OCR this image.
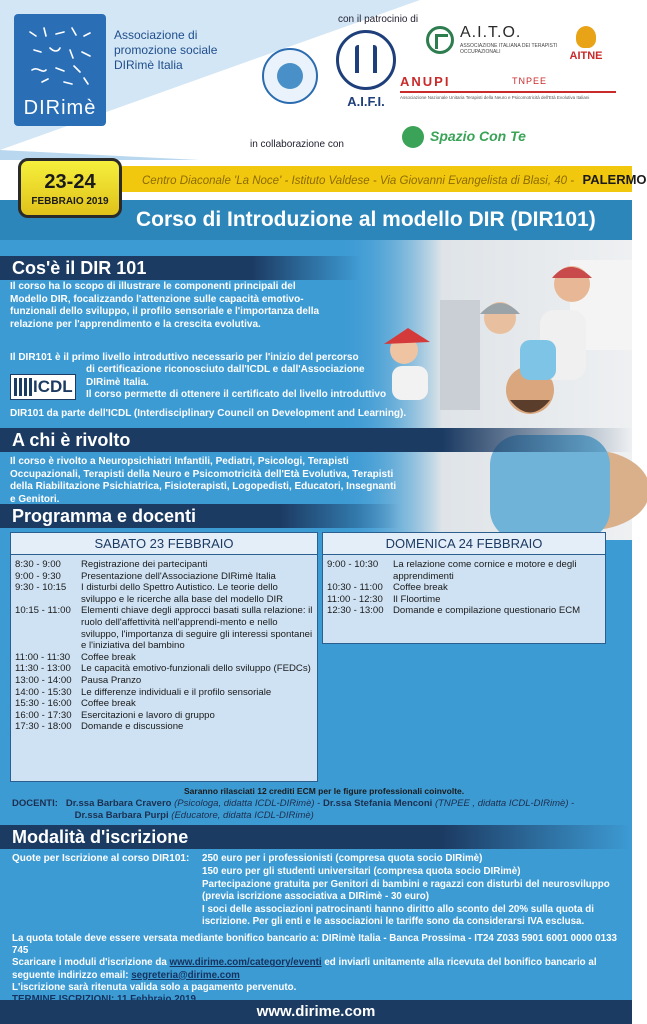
DIRimè
Associazione di
promozione sociale
DIRimè Italia
con il patrocinio di
A.I.F.I.
A.I.T.O.
ASSOCIAZIONE ITALIANA DEI TERAPISTI OCCUPAZIONALI	AITNE
ANUPI	TNPEE
Associazione Nazionale Unitaria Terapisti della Neuro e Psicomotricità dell'Età Evolutiva Italiani
in collaborazione con
Spazio Con Te
Centro Diaconale 'La Noce' - Istituto Valdese - Via Giovanni Evangelista di Blasi, 40 - PALERMO
Corso di Introduzione al modello DIR (DIR101)
23-24
FEBBRAIO 2019
Cos'è il DIR 101
Il corso ha lo scopo di illustrare le componenti principali del Modello DIR, focalizzando l'attenzione sulle capacità emotivo-funzionali dello sviluppo, il profilo sensoriale e l'importanza della relazione per l'apprendimento e la crescita evolutiva.
Il DIR101 è il primo livello introduttivo necessario per l'inizio del percorso
ICDL

di certificazione riconosciuto dall'ICDL e dall'Associazione

DIRimè Italia.

Il corso permette di ottenere il certificato del livello introduttivo

DIR101 da parte dell'ICDL (Interdisciplinary Council on Development and Learning).
A chi è rivolto
Il corso è rivolto a Neuropsichiatri Infantili, Pediatri, Psicologi, Terapisti Occupazionali, Terapisti della Neuro e Psicomotricità dell'Età Evolutiva, Terapisti della Riabilitazione Psichiatrica, Fisioterapisti, Logopedisti, Educatori, Insegnanti e Genitori.
Programma e docenti
SABATO 23 FEBBRAIO
8:30 - 9:00	Registrazione dei partecipanti
9:00 - 9:30	Presentazione dell'Associazione DIRimè Italia
9:30 - 10:15	I disturbi dello Spettro Autistico. Le teorie dello sviluppo e le ricerche alla base del modello DIR
10:15 - 11:00	Elementi chiave degli approcci basati sulla relazione: il ruolo dell'affettività nell'apprendi-mento e nello sviluppo, l'importanza di seguire gli interessi spontanei e l'iniziativa del bambino
11:00 - 11:30	Coffee break
11:30 - 13:00	Le capacità emotivo-funzionali dello sviluppo (FEDCs)
13:00 - 14:00 Pausa Pranzo
14:00 - 15:30 Le differenze individuali e il profilo sensoriale
15:30 - 16:00 Coffee break
16:00 - 17:30 Esercitazioni e lavoro di gruppo
17:30 - 18:00 Domande e discussione
DOMENICA 24 FEBBRAIO
9:00 - 10:30	La relazione come cornice e motore e degli apprendimenti
10:30 - 11:00	Coffee break
11:00 - 12:30	Il Floortime
12:30 - 13:00 Domande e compilazione questionario ECM
Saranno rilasciati 12 crediti ECM per le figure professionali coinvolte.
DOCENTI: Dr.ssa Barbara Cravero (Psicologa, didatta ICDL-DIRimè) - Dr.ssa Stefania Menconi (TNPEE , didatta ICDL-DIRimè) -
Dr.ssa Barbara Purpi (Educatore, didatta ICDL-DIRimè)
Modalità d'iscrizione
Quote per Iscrizione al corso DIR101: 250 euro per i professionisti (compresa quota socio DIRimè)
150 euro per gli studenti universitari (compresa quota socio DIRimè)
Partecipazione gratuita per Genitori di bambini e ragazzi con disturbi del neurosviluppo (previa iscrizione associativa a DIRimè - 30 euro)
I soci delle associazioni patrocinanti hanno diritto allo sconto del 20% sulla quota di iscrizione. Per gli enti e le associazioni le tariffe sono da considerarsi IVA esclusa.
La quota totale deve essere versata mediante bonifico bancario a: DIRimè Italia - Banca Prossima - IT24 Z033 5901 6001 0000 0133 745
Scaricare i moduli d'iscrizione da www.dirime.com/category/eventi ed inviarli unitamente alla ricevuta del bonifico bancario al seguente indirizzo email: segreteria@dirime.com
L'iscrizione sarà ritenuta valida solo a pagamento pervenuto.
www.dirime.com
